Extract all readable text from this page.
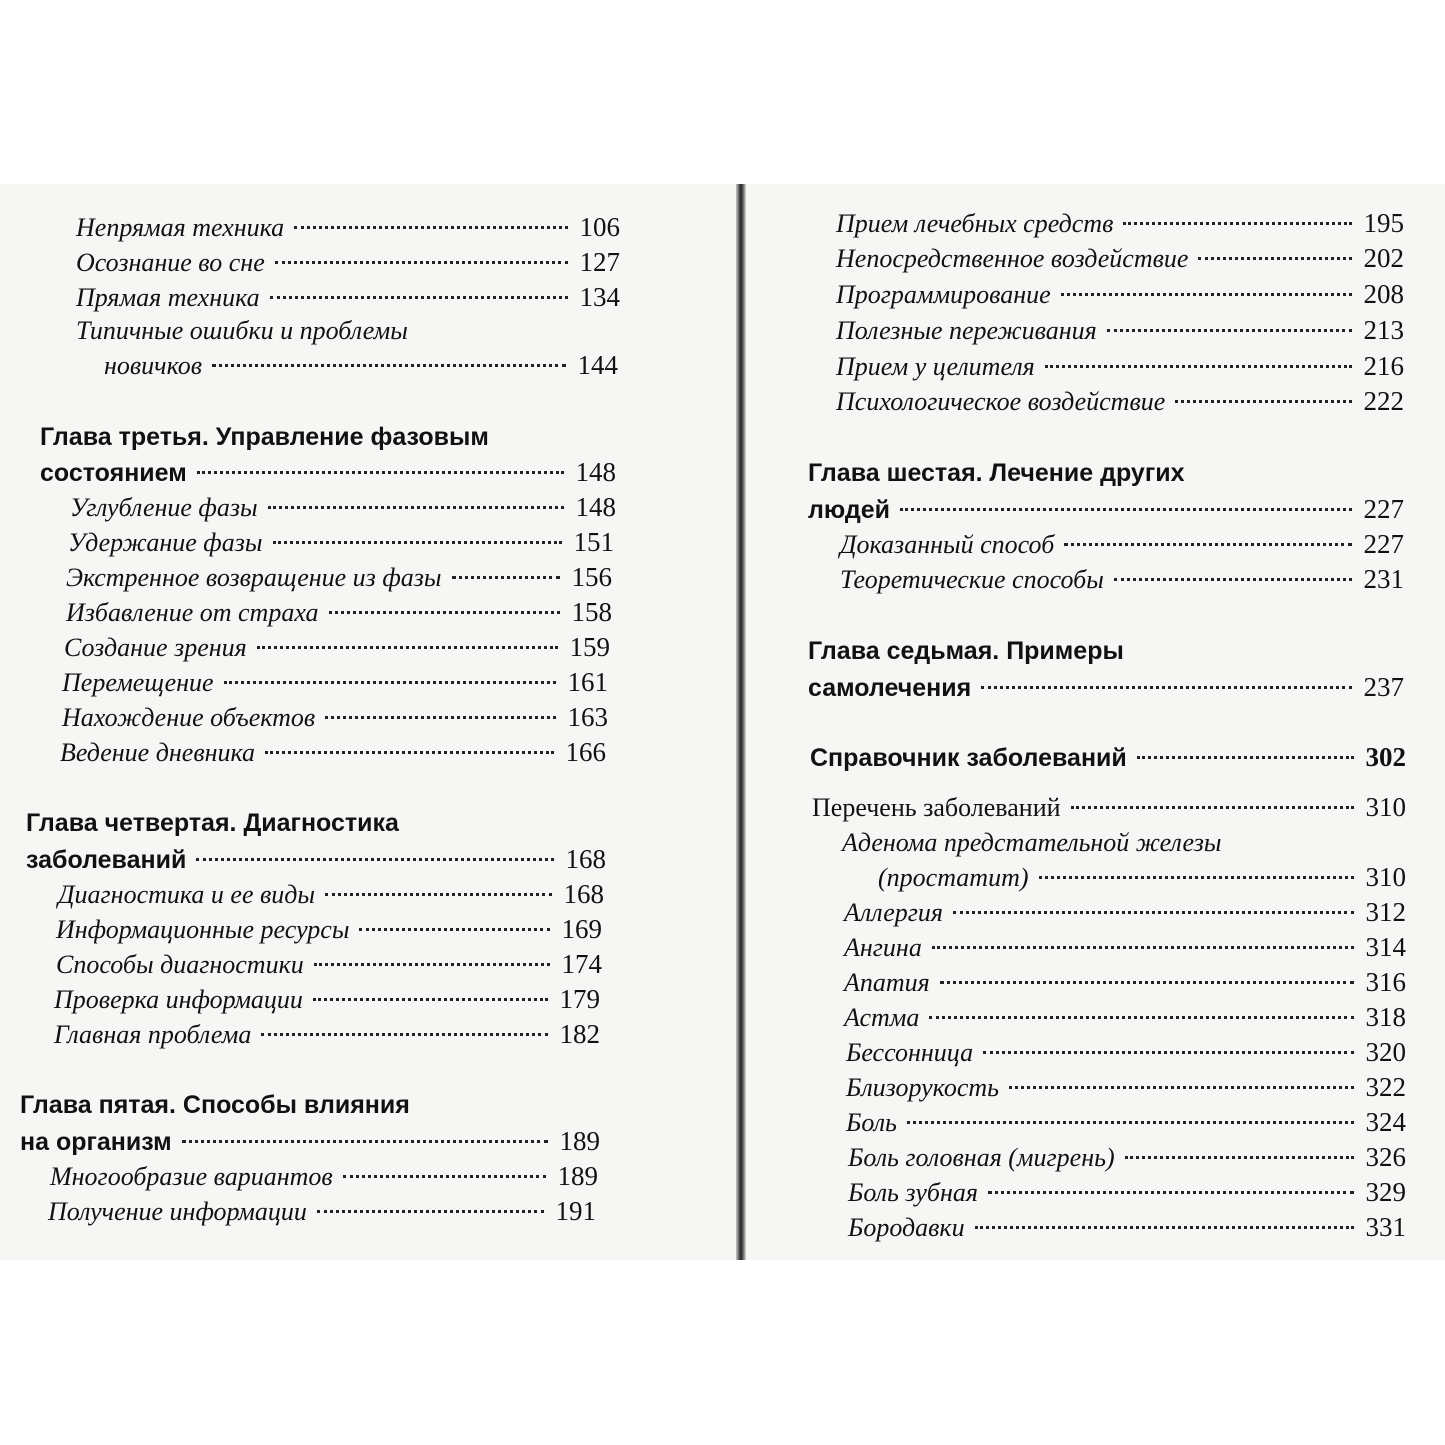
Непрямая техника	106
Осознание во сне	127
Прямая техника	134
Типичные ошибки и проблемы
новичков	144
Глава третья. Управление фазовым
состоянием	148
Углубление фазы	148
Удержание фазы	151
Экстренное возвращение из фазы	156
Избавление от страха	158
Создание зрения	159
Перемещение	161
Нахождение объектов	163
Ведение дневника	166
Глава четвертая. Диагностика
заболеваний	168
Диагностика и ее виды	168
Информационные ресурсы	169
Способы диагностики	174
Проверка информации	179
Главная проблема	182
Глава пятая. Способы влияния
на организм	189
Многообразие вариантов	189
Получение информации	191
Прием лечебных средств	195
Непосредственное воздействие	202
Программирование	208
Полезные переживания	213
Прием у целителя	216
Психологическое воздействие	222
Глава шестая. Лечение других
людей	227
Доказанный способ	227
Теоретические способы	231
Глава седьмая. Примеры
самолечения	237
Справочник заболеваний	302
Перечень заболеваний	310
Аденома предстательной железы
(простатит)	310
Аллергия	312
Ангина	314
Апатия	316
Астма	318
Бессонница	320
Близорукость	322
Боль	324
Боль головная (мигрень)	326
Боль зубная	329
Бородавки	331
